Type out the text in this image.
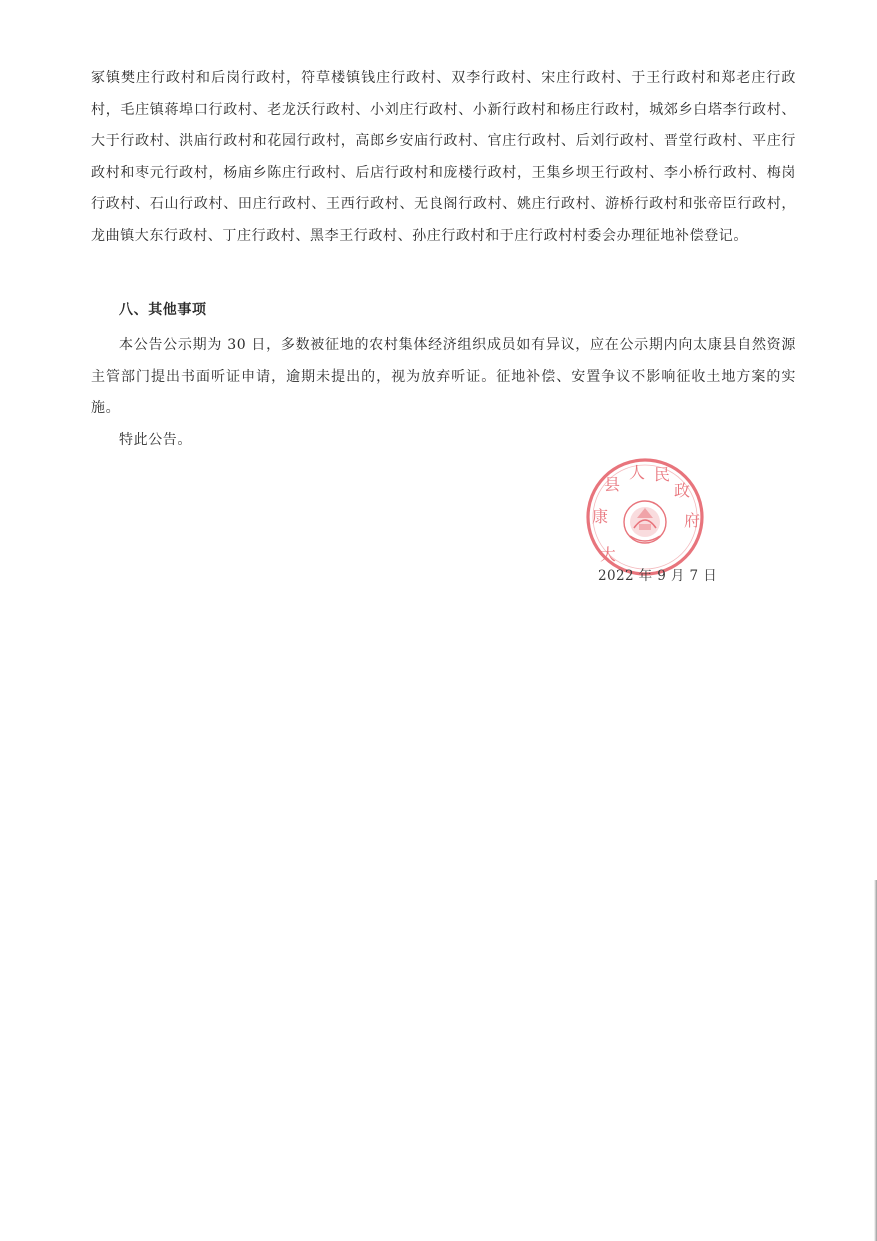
冢镇樊庄行政村和后岗行政村，符草楼镇钱庄行政村、双李行政村、宋庄行政村、于王行政村和郑老庄行政村，毛庄镇蒋埠口行政村、老龙沃行政村、小刘庄行政村、小新行政村和杨庄行政村，城郊乡白塔李行政村、大于行政村、洪庙行政村和花园行政村，高郎乡安庙行政村、官庄行政村、后刘行政村、晋堂行政村、平庄行政村和枣元行政村，杨庙乡陈庄行政村、后店行政村和庞楼行政村，王集乡坝王行政村、李小桥行政村、梅岗行政村、石山行政村、田庄行政村、王西行政村、无良阁行政村、姚庄行政村、游桥行政村和张帝臣行政村，龙曲镇大东行政村、丁庄行政村、黑李王行政村、孙庄行政村和于庄行政村村委会办理征地补偿登记。

八、其他事项

本公告公示期为 30 日，多数被征地的农村集体经济组织成员如有异议，应在公示期内向太康县自然资源主管部门提出书面听证申请，逾期未提出的，视为放弃听证。征地补偿、安置争议不影响征收土地方案的实施。

特此公告。

太
康
县
人 民
政
府
2022 年 9 月 7 日
